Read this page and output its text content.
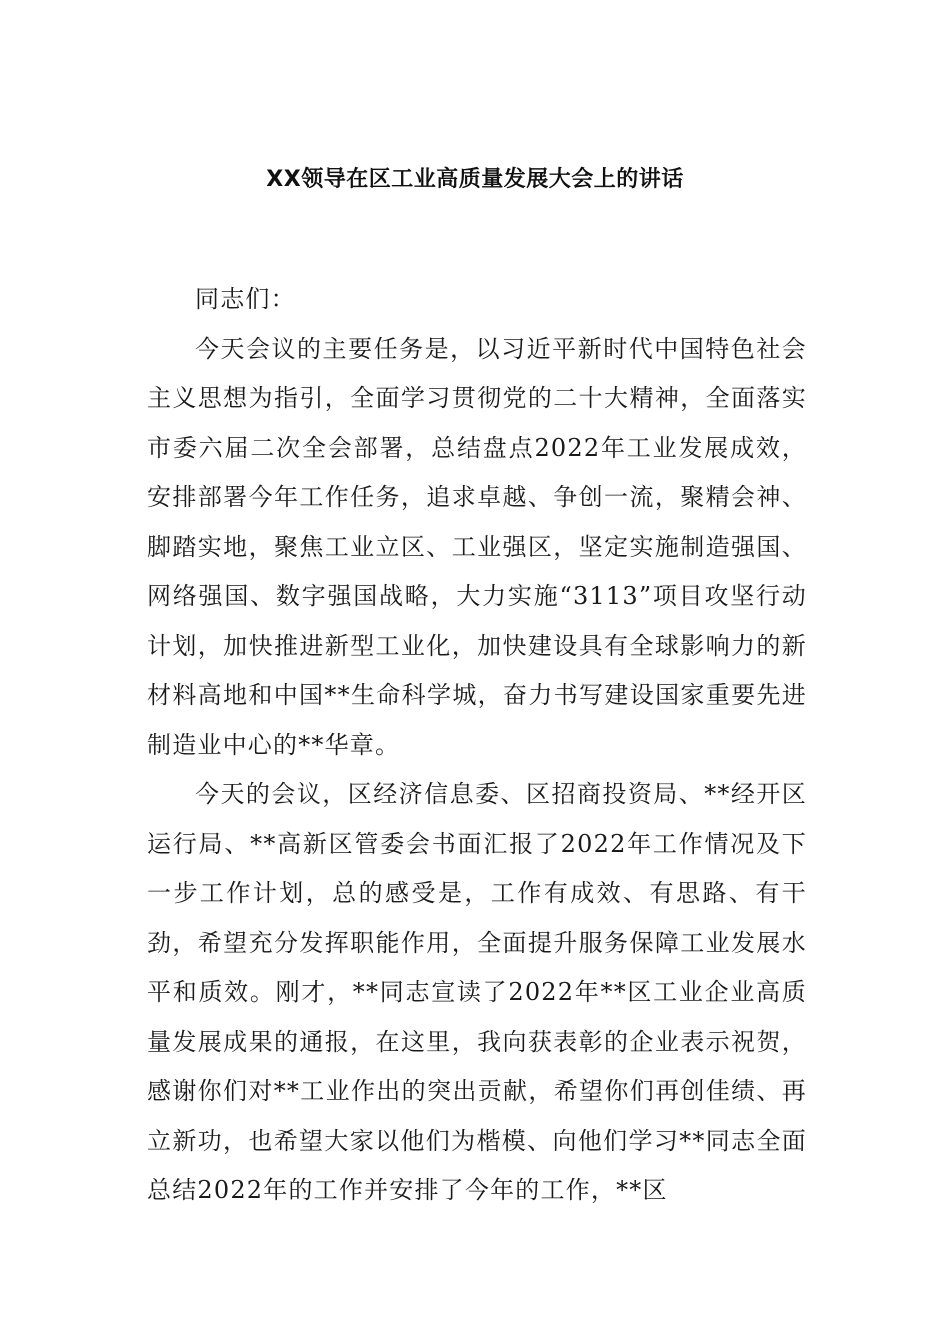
XX领导在区工业高质量发展大会上的讲话

同志们：

今天会议的主要任务是，以习近平新时代中国特色社会主义思想为指引，全面学习贯彻党的二十大精神，全面落实市委六届二次全会部署，总结盘点2022年工业发展成效，安排部署今年工作任务，追求卓越、争创一流，聚精会神、脚踏实地，聚焦工业立区、工业强区，坚定实施制造强国、网络强国、数字强国战略，大力实施“3113”项目攻坚行动计划，加快推进新型工业化，加快建设具有全球影响力的新材料高地和中国**生命科学城，奋力书写建设国家重要先进制造业中心的**华章。

今天的会议，区经济信息委、区招商投资局、**经开区运行局、**高新区管委会书面汇报了2022年工作情况及下一步工作计划，总的感受是，工作有成效、有思路、有干劲，希望充分发挥职能作用，全面提升服务保障工业发展水平和质效。刚才，**同志宣读了2022年**区工业企业高质量发展成果的通报，在这里，我向获表彰的企业表示祝贺，感谢你们对**工业作出的突出贡献，希望你们再创佳绩、再立新功，也希望大家以他们为楷模、向他们学习**同志全面总结2022年的工作并安排了今年的工作，**区
